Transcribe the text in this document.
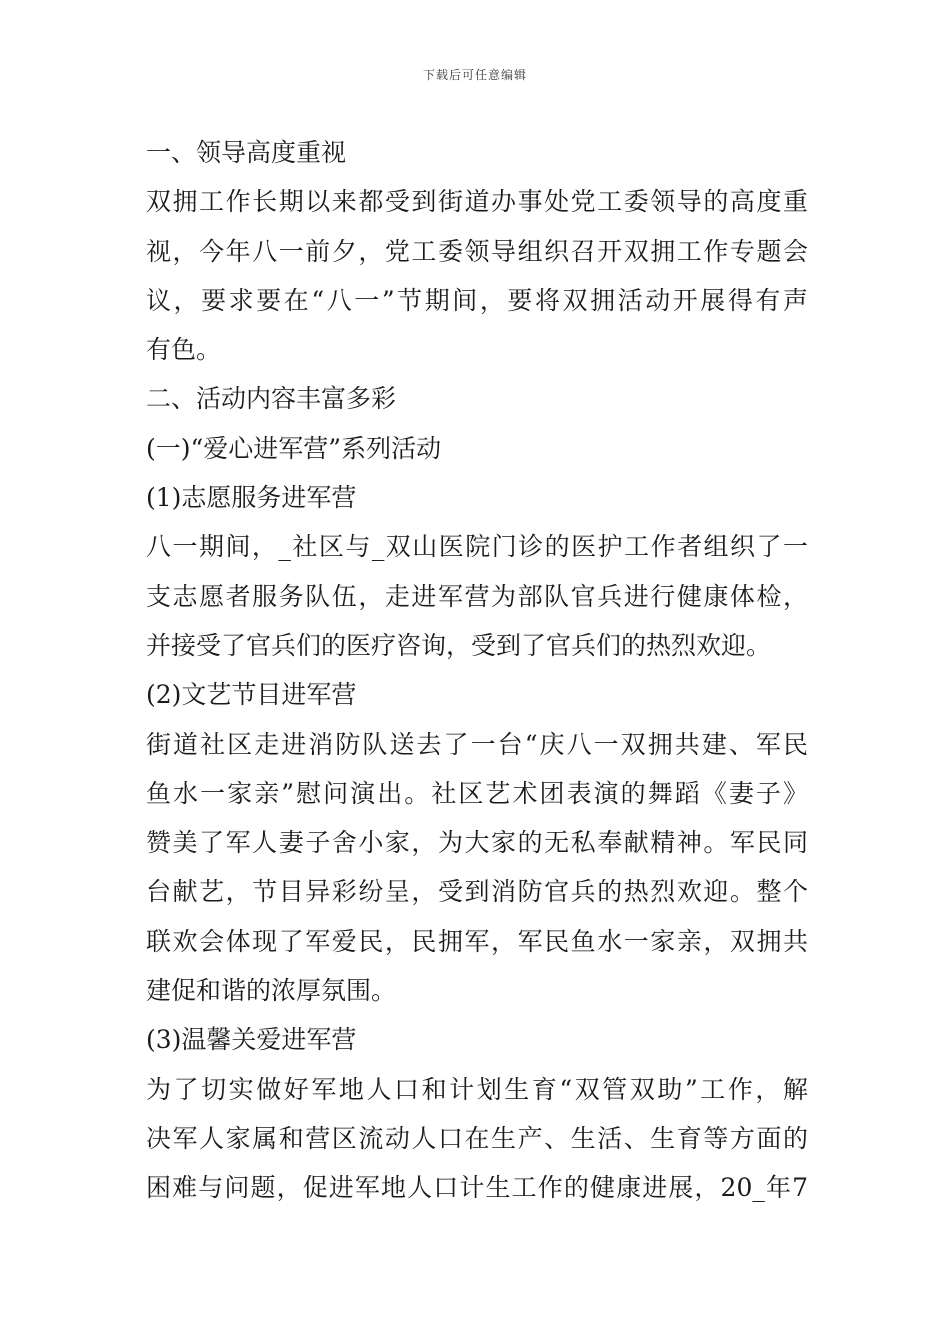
下载后可任意编辑
一、领导高度重视
双拥工作长期以来都受到街道办事处党工委领导的高度重
视，今年八一前夕，党工委领导组织召开双拥工作专题会
议，要求要在“八一”节期间，要将双拥活动开展得有声
有色。
二、活动内容丰富多彩
(一)“爱心进军营”系列活动
(1)志愿服务进军营
八一期间，_社区与_双山医院门诊的医护工作者组织了一
支志愿者服务队伍，走进军营为部队官兵进行健康体检，
并接受了官兵们的医疗咨询，受到了官兵们的热烈欢迎。
(2)文艺节目进军营
街道社区走进消防队送去了一台“庆八一双拥共建、军民
鱼水一家亲”慰问演出。社区艺术团表演的舞蹈《妻子》
赞美了军人妻子舍小家，为大家的无私奉献精神。军民同
台献艺，节目异彩纷呈，受到消防官兵的热烈欢迎。整个
联欢会体现了军爱民，民拥军，军民鱼水一家亲，双拥共
建促和谐的浓厚氛围。
(3)温馨关爱进军营
为了切实做好军地人口和计划生育“双管双助”工作，解
决军人家属和营区流动人口在生产、生活、生育等方面的
困难与问题，促进军地人口计生工作的健康进展，20_年7
